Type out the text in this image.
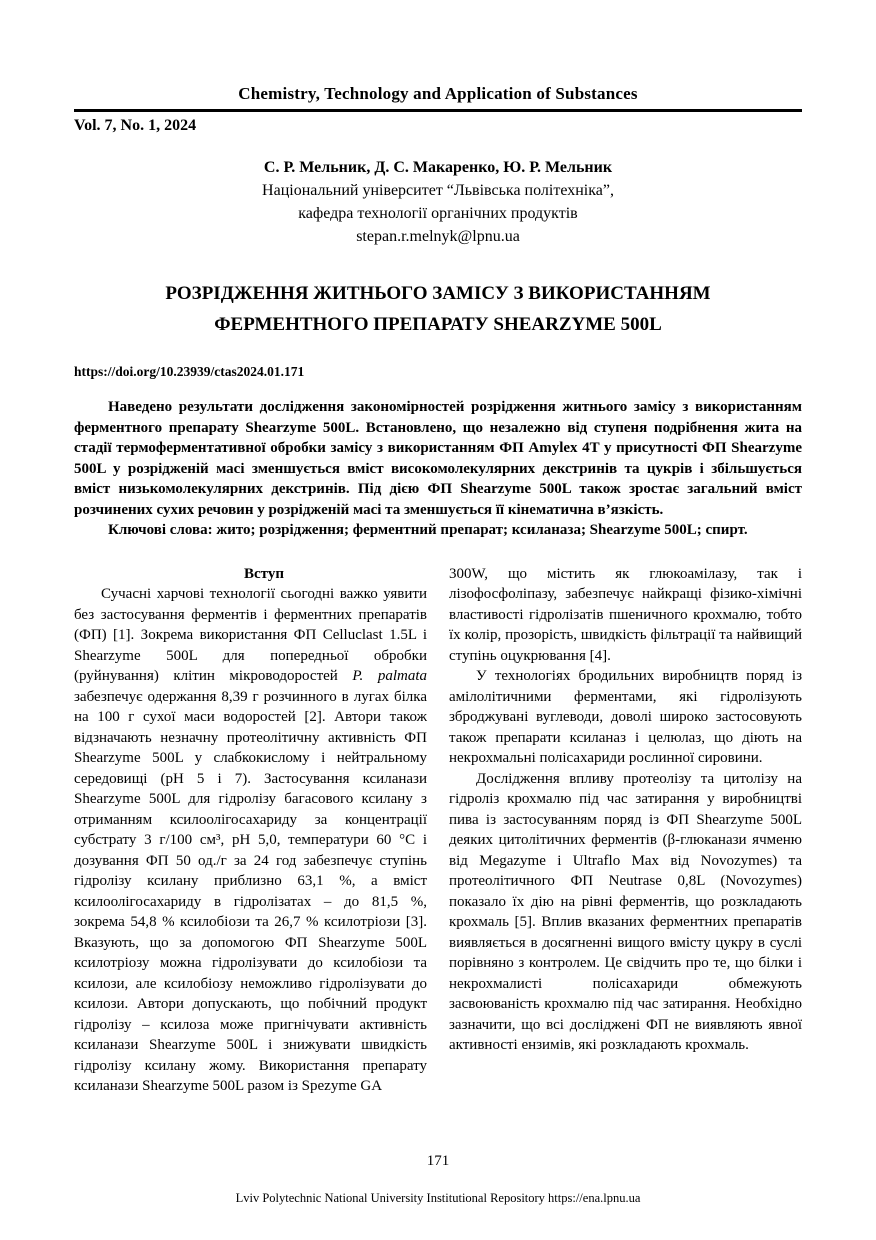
Chemistry, Technology and Application of Substances
Vol. 7, No. 1, 2024
С. Р. Мельник, Д. С. Макаренко, Ю. Р. Мельник
Національний університет “Львівська політехніка”,
кафедра технології органічних продуктів
stepan.r.melnyk@lpnu.ua
РОЗРІДЖЕННЯ ЖИТНЬОГО ЗАМІСУ З ВИКОРИСТАННЯМ
ФЕРМЕНТНОГО ПРЕПАРАТУ SHEARZYME 500L
https://doi.org/10.23939/ctas2024.01.171

Наведено результати дослідження закономірностей розрідження житнього замісу з використанням ферментного препарату Shearzyme 500L. Встановлено, що незалежно від ступеня подрібнення жита на стадії термоферментативної обробки замісу з використанням ФП Amylex 4T у присутності ФП Shearzyme 500L у розрідженій масі зменшується вміст високомолекулярних декстринів та цукрів і збільшується вміст низькомолекулярних декстринів. Під дією ФП Shearzyme 500L також зростає загальний вміст розчинених сухих речовин у розрідженій масі та зменшується її кінематична в’язкість.

Ключові слова: жито; розрідження; ферментний препарат; ксиланаза; Shearzyme 500L; спирт.

Вступ

Сучасні харчові технології сьогодні важко уявити без застосування ферментів і ферментних препаратів (ФП) [1]. Зокрема використання ФП Celluclast 1.5L і Shearzyme 500L для попередньої обробки (руйнування) клітин мікроводоростей P. palmata забезпечує одержання 8,39 г розчинного в лугах білка на 100 г сухої маси водоростей [2]. Автори також відзначають незначну протеолітичну активність ФП Shearzyme 500L у слабкокислому і нейтральному середовищі (рН 5 і 7). Застосування ксиланази Shearzyme 500L для гідролізу багасового ксилану з отриманням ксилоолігосахариду за концентрації субстрату 3 г/100 см³, рН 5,0, температури 60 °С і дозування ФП 50 од./г за 24 год забезпечує ступінь гідролізу ксилану приблизно 63,1 %, а вміст ксилоолігосахариду в гідролізатах – до 81,5 %, зокрема 54,8 % ксилобіози та 26,7 % ксилотріози [3]. Вказують, що за допомогою ФП Shearzyme 500L ксилотріозу можна гідролізувати до ксилобіози та ксилози, але ксилобіозу неможливо гідролізувати до ксилози. Автори допускають, що побічний продукт гідролізу – ксилоза може пригнічувати активність ксиланази Shearzyme 500L і знижувати швидкість гідролізу ксилану жому. Використання препарату ксиланази Shearzyme 500L разом із Spezyme GA

300W, що містить як глюкоамілазу, так і лізофосфоліпазу, забезпечує найкращі фізико-хімічні властивості гідролізатів пшеничного крохмалю, тобто їх колір, прозорість, швидкість фільтрації та найвищий ступінь оцукрювання [4].

У технологіях бродильних виробництв поряд із амілолітичними ферментами, які гідролізують зброджувані вуглеводи, доволі широко застосовують також препарати ксиланаз і целюлаз, що діють на некрохмальні полісахариди рослинної сировини.

Дослідження впливу протеолізу та цитолізу на гідроліз крохмалю під час затирання у виробництві пива із застосуванням поряд із ФП Shearzyme 500L деяких цитолітичних ферментів (β-глюканази ячменю від Megazyme і Ultraflo Max від Novozymes) та протеолітичного ФП Neutrase 0,8L (Novozymes) показало їх дію на рівні ферментів, що розкладають крохмаль [5]. Вплив вказаних ферментних препаратів виявляється в досягненні вищого вмісту цукру в суслі порівняно з контролем. Це свідчить про те, що білки і некрохмалисті полісахариди обмежують засвоюваність крохмалю під час затирання. Необхідно зазначити, що всі досліджені ФП не виявляють явної активності ензимів, які розкладають крохмаль.

171
Lviv Polytechnic National University Institutional Repository https://ena.lpnu.ua
